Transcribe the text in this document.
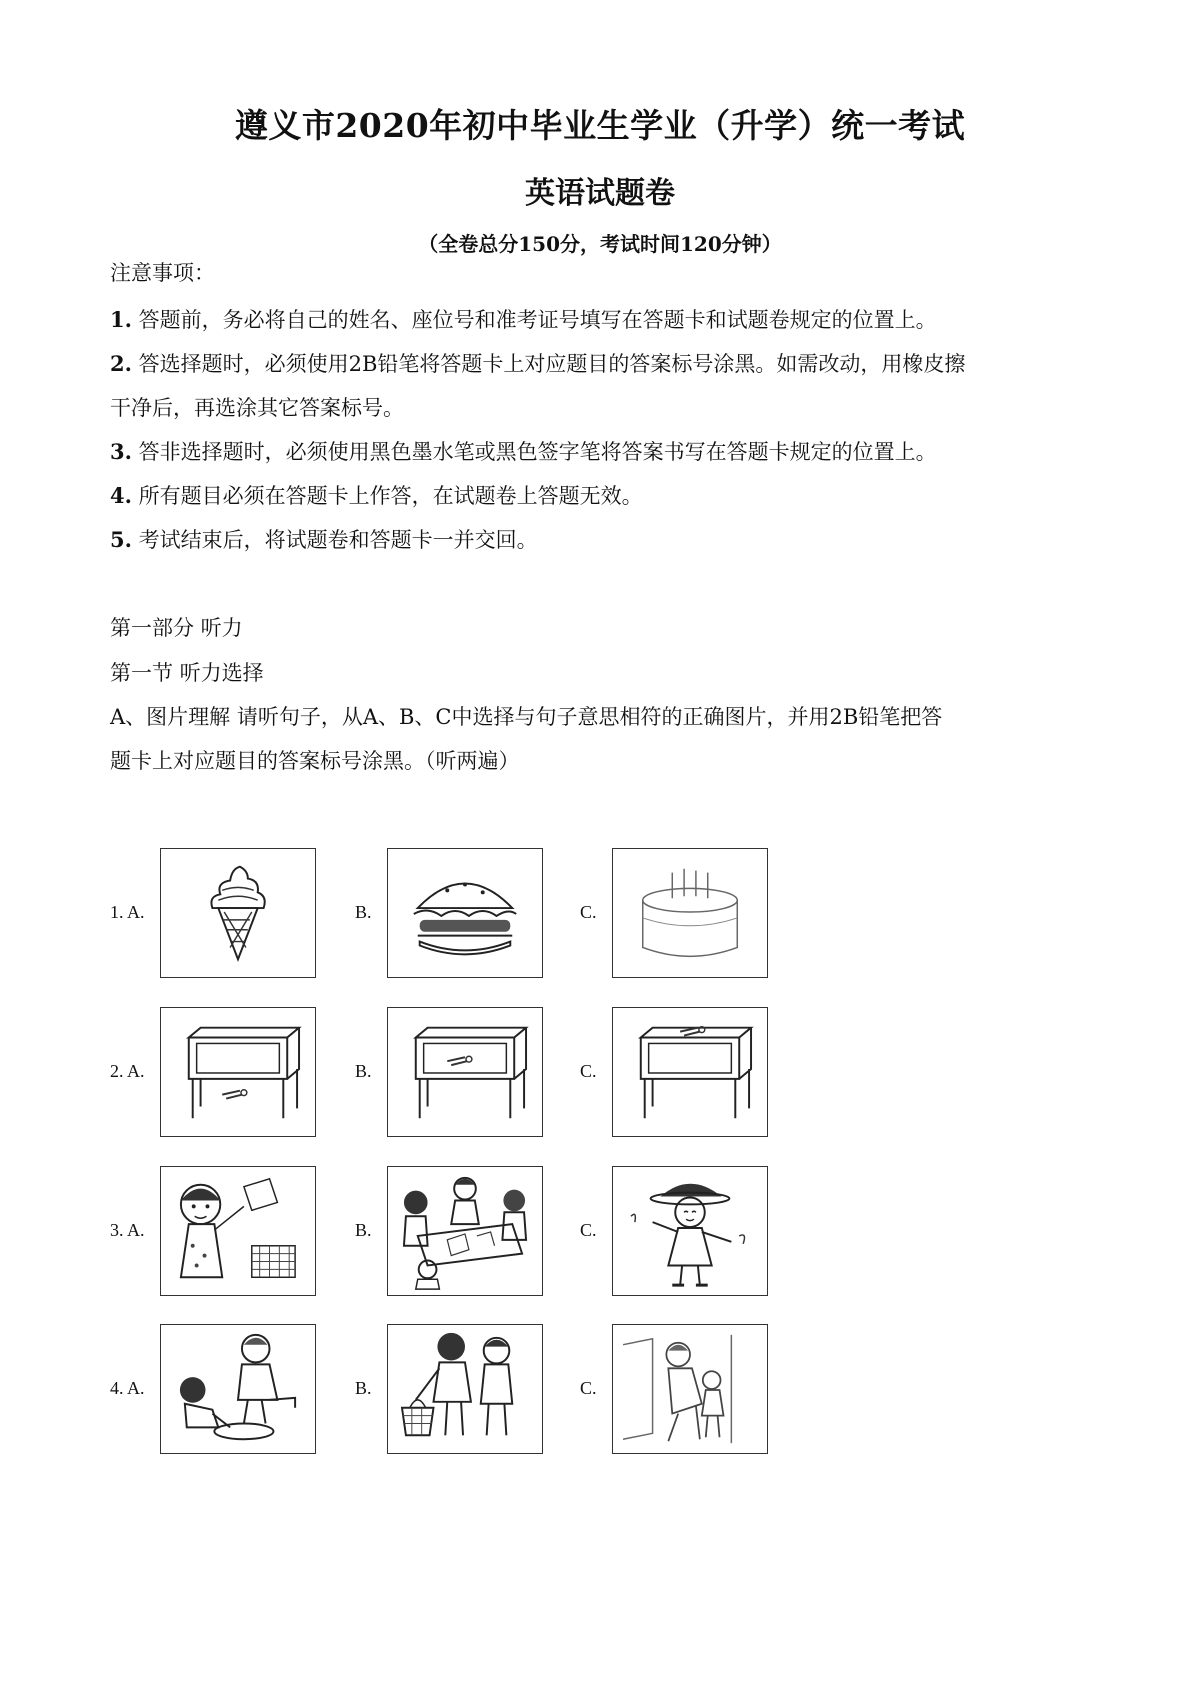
遵义市2020年初中毕业生学业（升学）统一考试
英语试题卷
（全卷总分150分，考试时间120分钟）
注意事项：
1. 答题前，务必将自己的姓名、座位号和准考证号填写在答题卡和试题卷规定的位置上。
2. 答选择题时，必须使用2B铅笔将答题卡上对应题目的答案标号涂黑。如需改动，用橡皮擦
干净后，再选涂其它答案标号。
3. 答非选择题时，必须使用黑色墨水笔或黑色签字笔将答案书写在答题卡规定的位置上。
4. 所有题目必须在答题卡上作答，在试题卷上答题无效。
5. 考试结束后，将试题卷和答题卡一并交回。
第一部分 听力
第一节 听力选择
A、图片理解 请听句子，从A、B、C中选择与句子意思相符的正确图片，并用2B铅笔把答
题卡上对应题目的答案标号涂黑。（听两遍）
1. A.	B.	C.
2. A.	B.	C.
3. A.	B.	C.
4. A.	B.	C.
